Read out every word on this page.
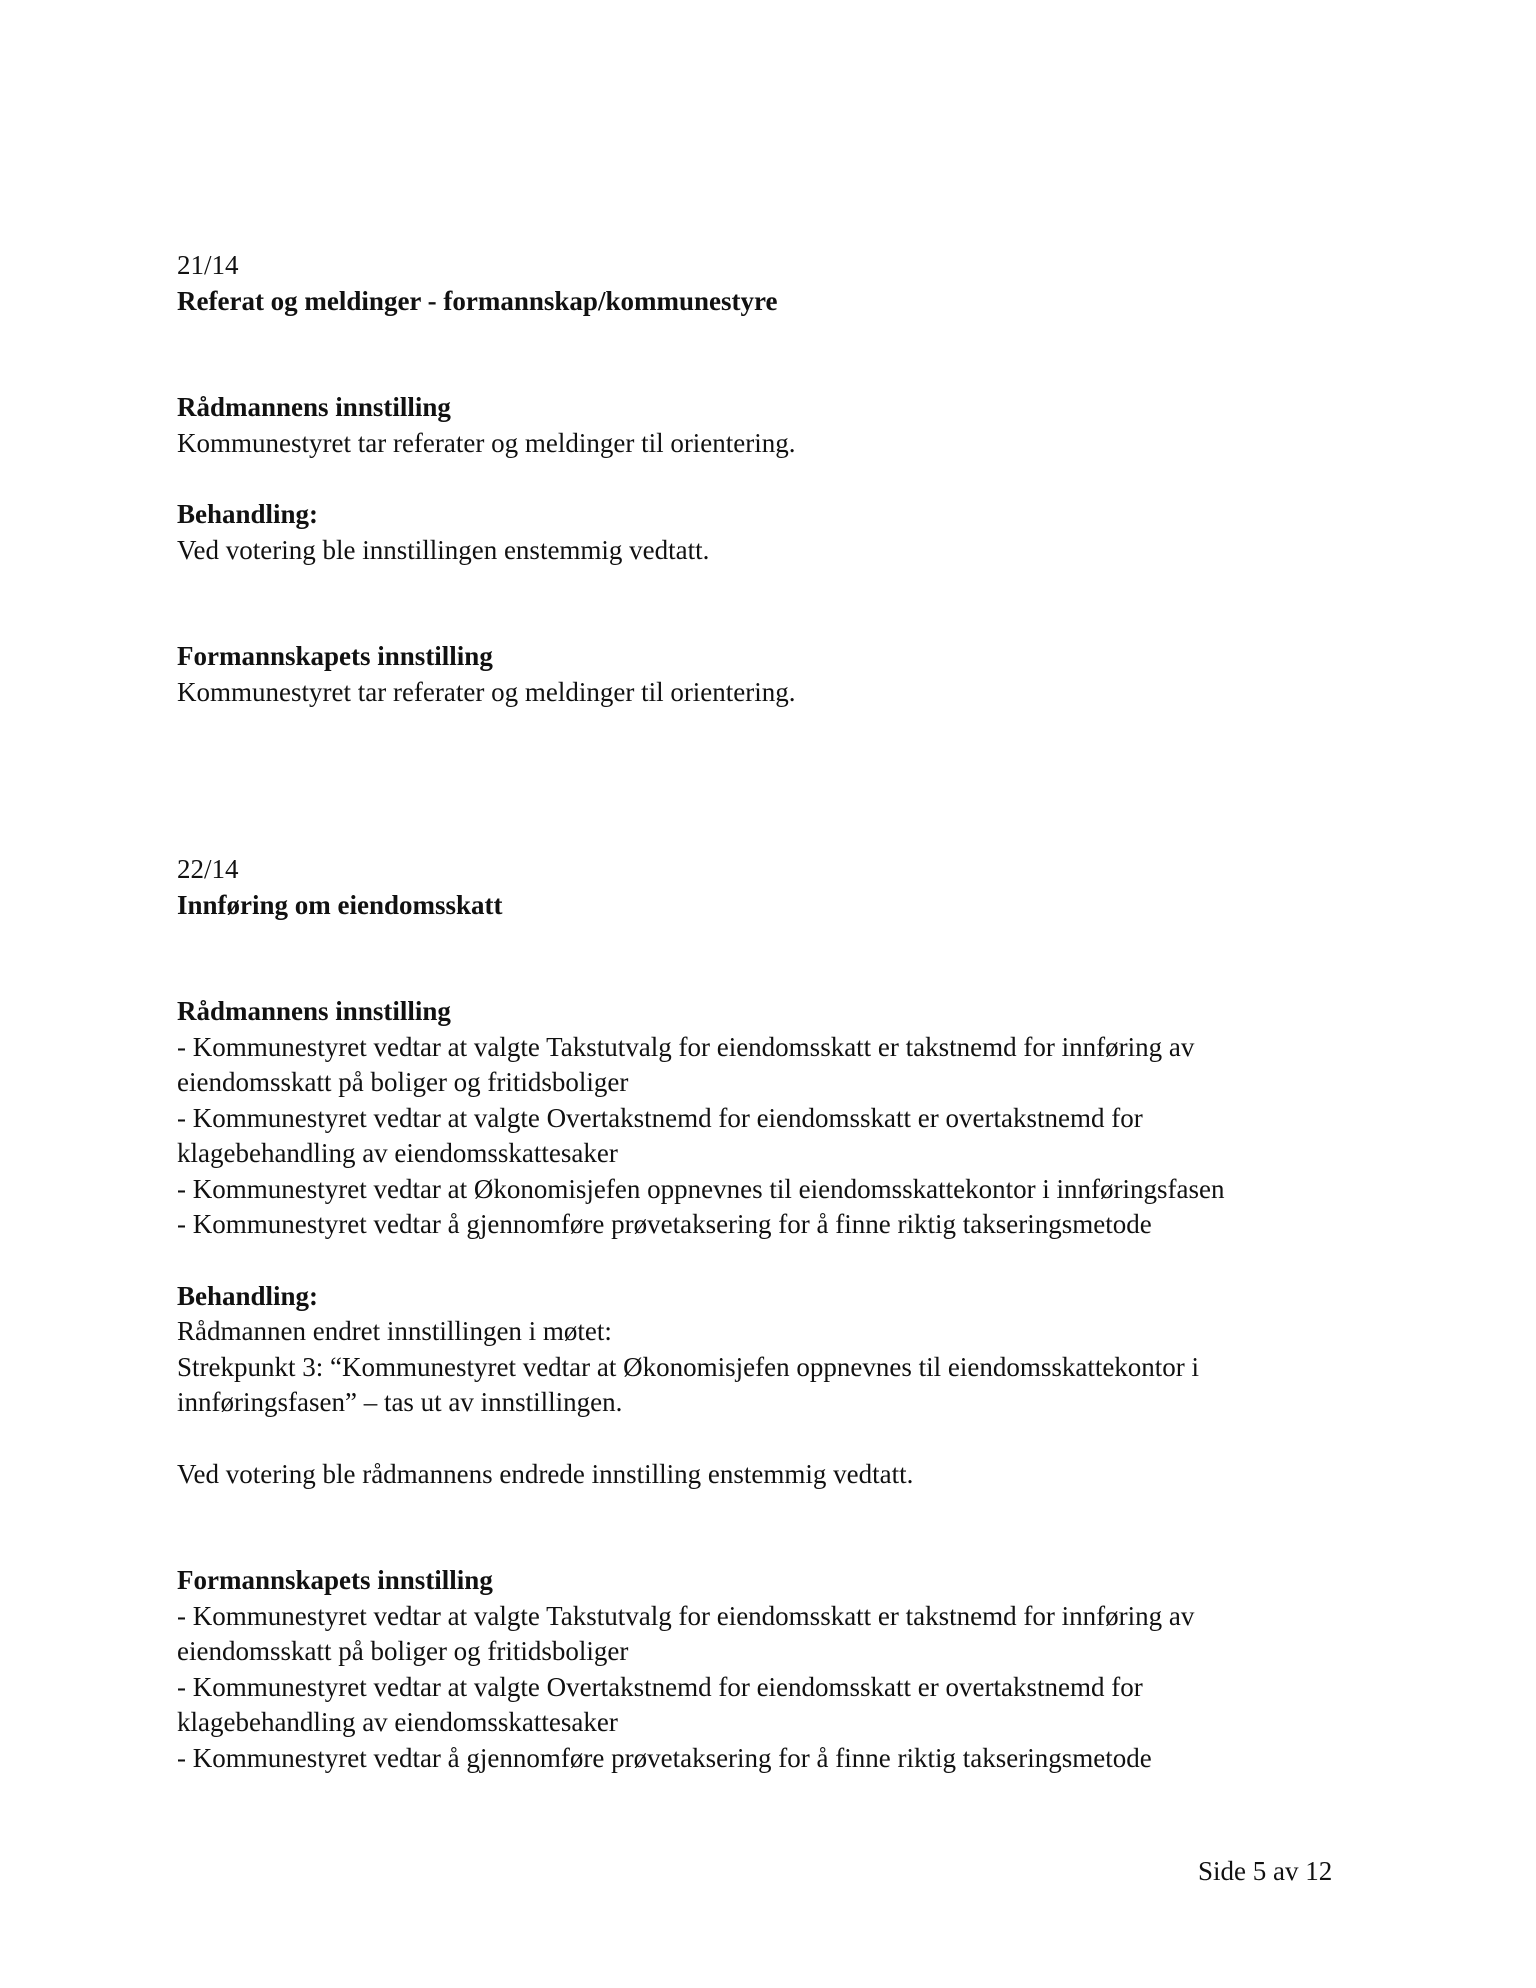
21/14
Referat og meldinger - formannskap/kommunestyre
Rådmannens innstilling
Kommunestyret tar referater og meldinger til orientering.
Behandling:
Ved votering ble innstillingen enstemmig vedtatt.
Formannskapets innstilling
Kommunestyret tar referater og meldinger til orientering.
22/14
Innføring om eiendomsskatt
Rådmannens innstilling
- Kommunestyret vedtar at valgte Takstutvalg for eiendomsskatt er takstnemd for innføring av
eiendomsskatt på boliger og fritidsboliger
- Kommunestyret vedtar at valgte Overtakstnemd for eiendomsskatt er overtakstnemd for
klagebehandling av eiendomsskattesaker
- Kommunestyret vedtar at Økonomisjefen oppnevnes til eiendomsskattekontor i innføringsfasen
- Kommunestyret vedtar å gjennomføre prøvetaksering for å finne riktig takseringsmetode
Behandling:
Rådmannen endret innstillingen i møtet:
Strekpunkt 3: “Kommunestyret vedtar at Økonomisjefen oppnevnes til eiendomsskattekontor i
innføringsfasen” – tas ut av innstillingen.
Ved votering ble rådmannens endrede innstilling enstemmig vedtatt.
Formannskapets innstilling
- Kommunestyret vedtar at valgte Takstutvalg for eiendomsskatt er takstnemd for innføring av
eiendomsskatt på boliger og fritidsboliger
- Kommunestyret vedtar at valgte Overtakstnemd for eiendomsskatt er overtakstnemd for
klagebehandling av eiendomsskattesaker
- Kommunestyret vedtar å gjennomføre prøvetaksering for å finne riktig takseringsmetode
Side 5 av 12
